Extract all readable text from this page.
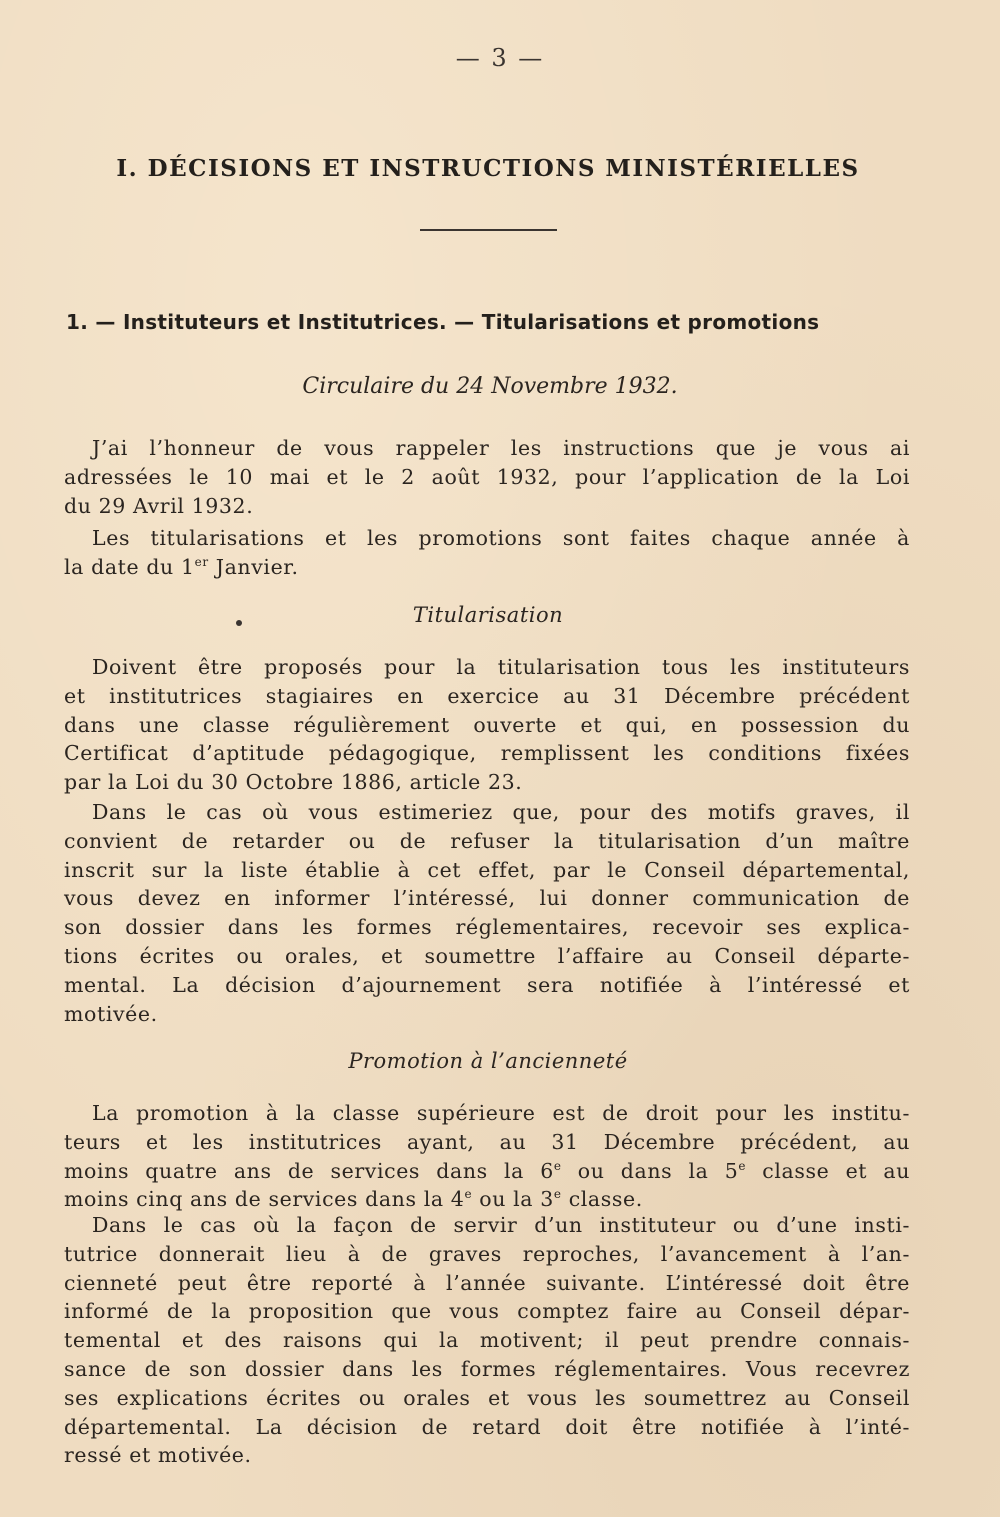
— 3 —
I. DÉCISIONS ET INSTRUCTIONS MINISTÉRIELLES
1. — Instituteurs et Institutrices. — Titularisations et promotions
Circulaire du 24 Novembre 1932.
J’ai l’honneur de vous rappeler les instructions que je vous ai
adressées le 10 mai et le 2 août 1932, pour l’application de la Loi
du 29 Avril 1932.
Les titularisations et les promotions sont faites chaque année à
la date du 1er Janvier.
Titularisation
Doivent être proposés pour la titularisation tous les instituteurs
et institutrices stagiaires en exercice au 31 Décembre précédent
dans une classe régulièrement ouverte et qui, en possession du
Certificat d’aptitude pédagogique, remplissent les conditions fixées
par la Loi du 30 Octobre 1886, article 23.
Dans le cas où vous estimeriez que, pour des motifs graves, il
convient de retarder ou de refuser la titularisation d’un maître
inscrit sur la liste établie à cet effet, par le Conseil départemental,
vous devez en informer l’intéressé, lui donner communication de
son dossier dans les formes réglementaires, recevoir ses explica-
tions écrites ou orales, et soumettre l’affaire au Conseil départe-
mental. La décision d’ajournement sera notifiée à l’intéressé et
motivée.
Promotion à l’ancienneté
La promotion à la classe supérieure est de droit pour les institu-
teurs et les institutrices ayant, au 31 Décembre précédent, au
moins quatre ans de services dans la 6e ou dans la 5e classe et au
moins cinq ans de services dans la 4e ou la 3e classe.
Dans le cas où la façon de servir d’un instituteur ou d’une insti-
tutrice donnerait lieu à de graves reproches, l’avancement à l’an-
cienneté peut être reporté à l’année suivante. L’intéressé doit être
informé de la proposition que vous comptez faire au Conseil dépar-
temental et des raisons qui la motivent; il peut prendre connais-
sance de son dossier dans les formes réglementaires. Vous recevrez
ses explications écrites ou orales et vous les soumettrez au Conseil
départemental. La décision de retard doit être notifiée à l’inté-
ressé et motivée.
